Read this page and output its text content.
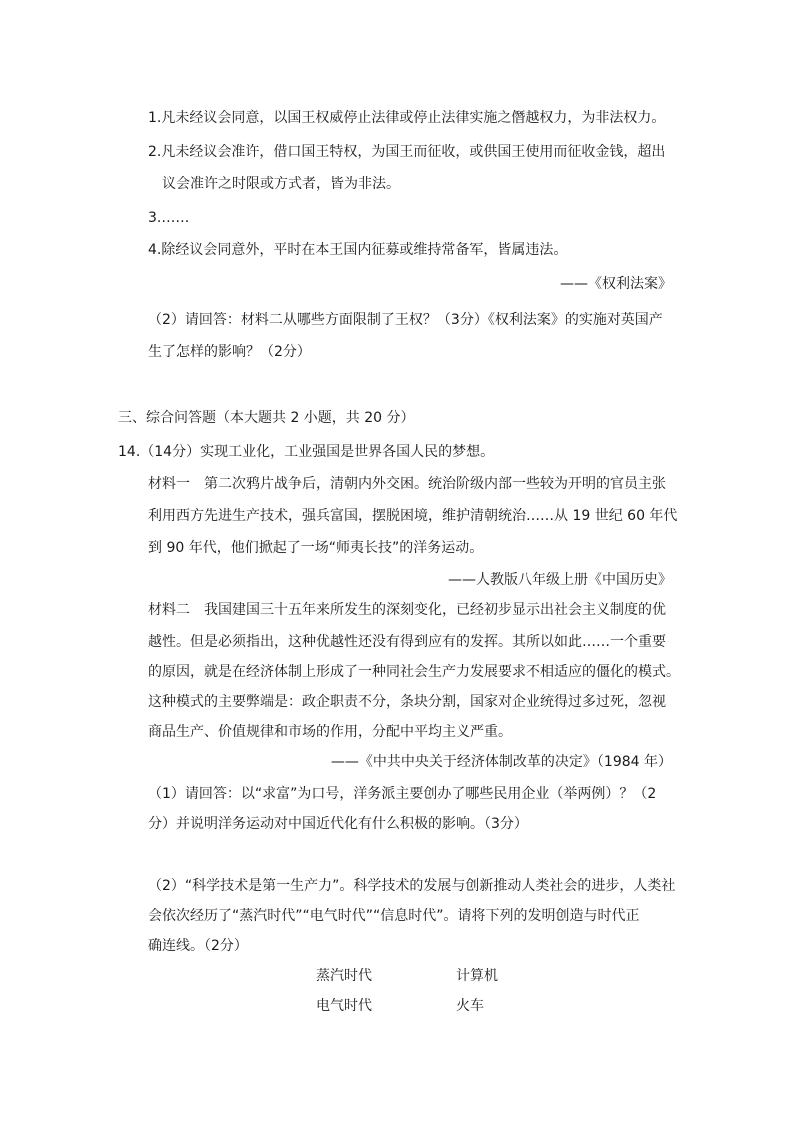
1.凡未经议会同意，以国王权威停止法律或停止法律实施之僭越权力，为非法权力。
2.凡未经议会准许，借口国王特权，为国王而征收，或供国王使用而征收金钱，超出
议会准许之时限或方式者，皆为非法。
3.……
4.除经议会同意外，平时在本王国内征募或维持常备军，皆属违法。
——《权利法案》
（2）请回答：材料二从哪些方面限制了王权？（3分）《权利法案》的实施对英国产
生了怎样的影响？（2分）
三、综合问答题（本大题共 2 小题，共 20 分）
14.（14分）实现工业化，工业强国是世界各国人民的梦想。
材料一　第二次鸦片战争后，清朝内外交困。统治阶级内部一些较为开明的官员主张
利用西方先进生产技术，强兵富国，摆脱困境，维护清朝统治……从 19 世纪 60 年代
到 90 年代，他们掀起了一场“师夷长技”的洋务运动。
——人教版八年级上册《中国历史》
材料二　我国建国三十五年来所发生的深刻变化，已经初步显示出社会主义制度的优
越性。但是必须指出，这种优越性还没有得到应有的发挥。其所以如此……一个重要
的原因，就是在经济体制上形成了一种同社会生产力发展要求不相适应的僵化的模式。
这种模式的主要弊端是：政企职责不分，条块分割，国家对企业统得过多过死，忽视
商品生产、价值规律和市场的作用，分配中平均主义严重。
——《中共中央关于经济体制改革的决定》（1984 年）
（1）请回答：以“求富”为口号，洋务派主要创办了哪些民用企业（举两例）？（2
分）并说明洋务运动对中国近代化有什么积极的影响。（3分）
（2）“科学技术是第一生产力”。科学技术的发展与创新推动人类社会的进步，人类社
会依次经历了“蒸汽时代”“电气时代”“信息时代”。请将下列的发明创造与时代正
确连线。（2分）
蒸汽时代	计算机
电气时代	火车
